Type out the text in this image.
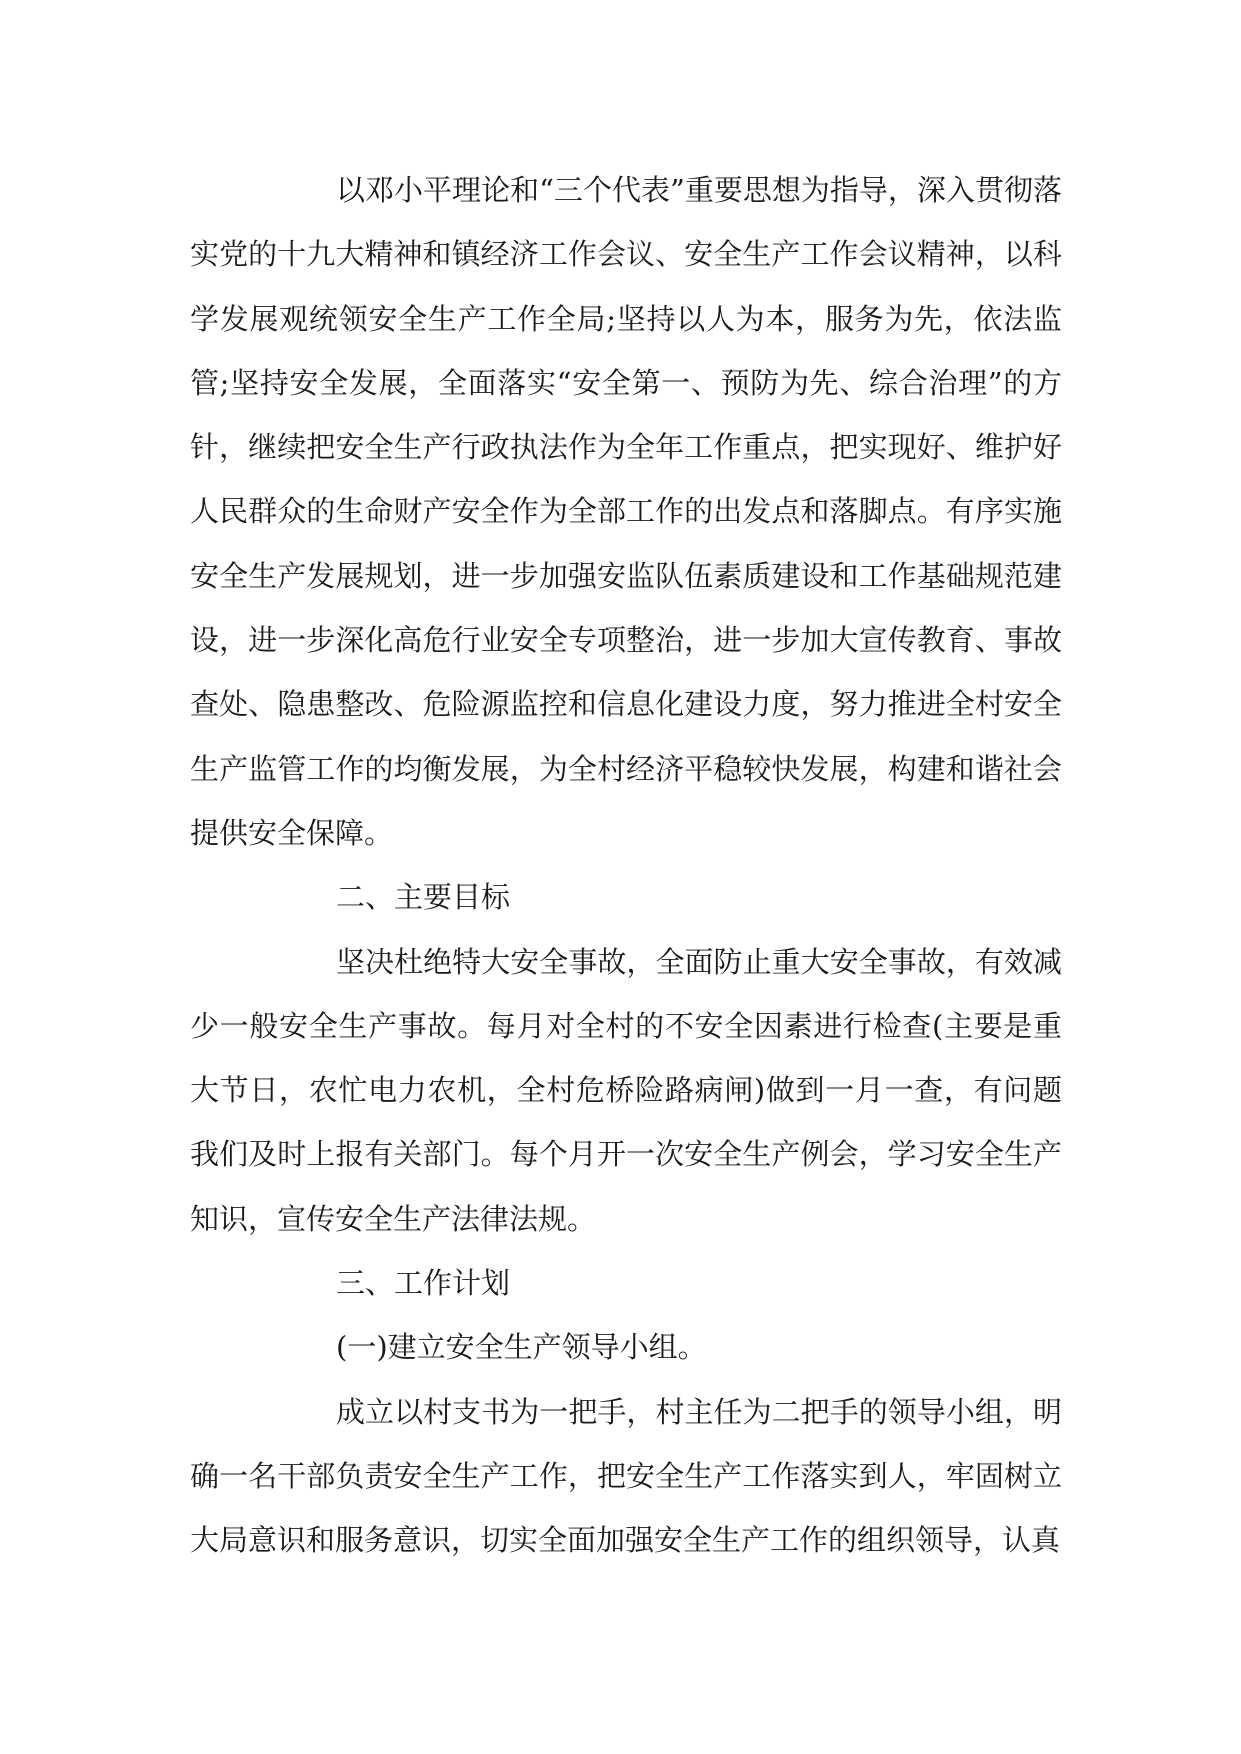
以邓小平理论和“三个代表”重要思想为指导，深入贯彻落实党的十九大精神和镇经济工作会议、安全生产工作会议精神，以科学发展观统领安全生产工作全局;坚持以人为本，服务为先，依法监管;坚持安全发展，全面落实“安全第一、预防为先、综合治理”的方针，继续把安全生产行政执法作为全年工作重点，把实现好、维护好人民群众的生命财产安全作为全部工作的出发点和落脚点。有序实施安全生产发展规划，进一步加强安监队伍素质建设和工作基础规范建设，进一步深化高危行业安全专项整治，进一步加大宣传教育、事故查处、隐患整改、危险源监控和信息化建设力度，努力推进全村安全生产监管工作的均衡发展，为全村经济平稳较快发展，构建和谐社会提供安全保障。

二、主要目标

坚决杜绝特大安全事故，全面防止重大安全事故，有效减少一般安全生产事故。每月对全村的不安全因素进行检查(主要是重大节日，农忙电力农机，全村危桥险路病闸)做到一月一查，有问题我们及时上报有关部门。每个月开一次安全生产例会，学习安全生产知识，宣传安全生产法律法规。

三、工作计划

(一)建立安全生产领导小组。

成立以村支书为一把手，村主任为二把手的领导小组，明确一名干部负责安全生产工作，把安全生产工作落实到人，牢固树立大局意识和服务意识，切实全面加强安全生产工作的组织领导，认真
